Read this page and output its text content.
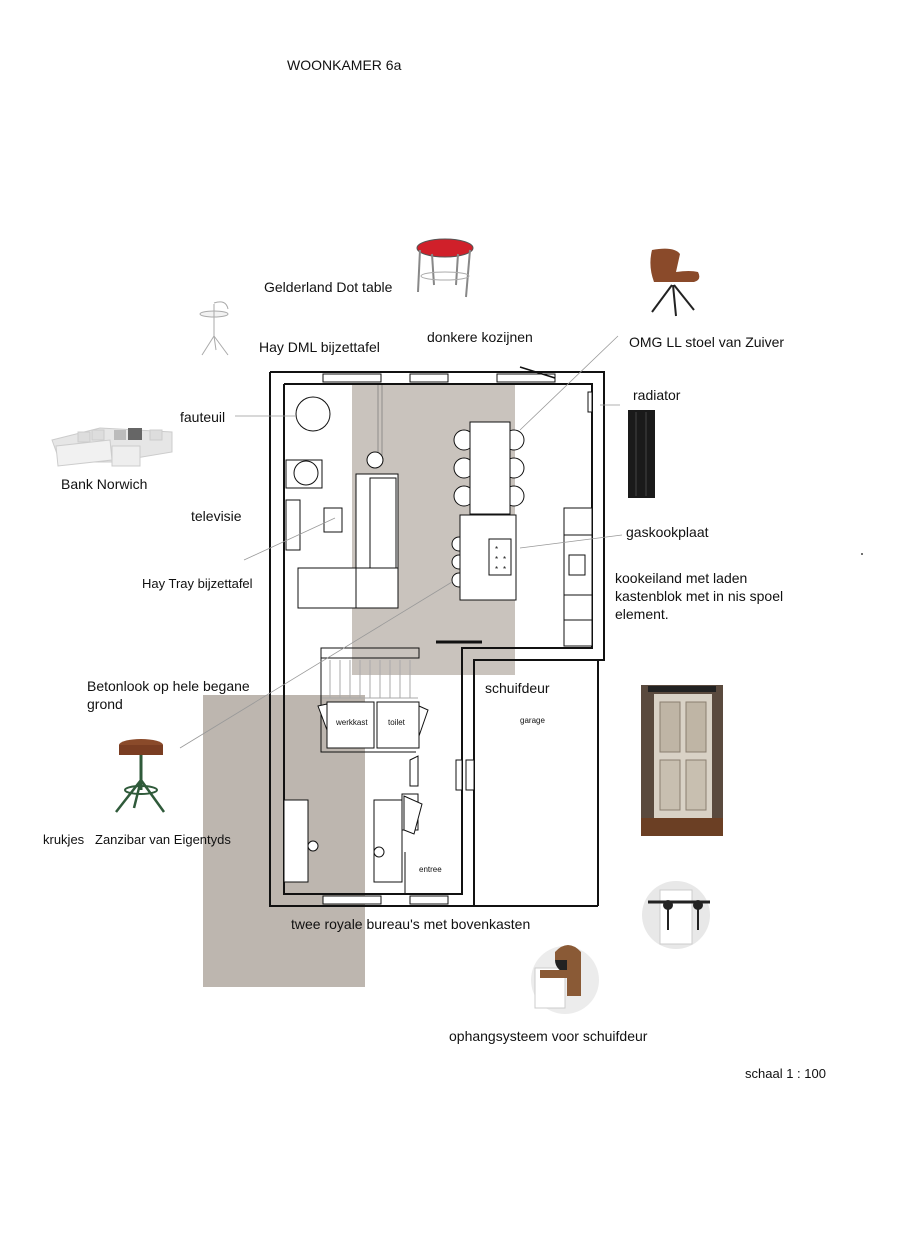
WOONKAMER 6a
*
* *
* *
Gelderland Dot table
Hay DML bijzettafel
donkere kozijnen	OMG LL stoel van Zuiver
radiator
fauteuil
Bank Norwich
televisie
Hay Tray bijzettafel
gaskookplaat
kookeiland met laden
kastenblok met in nis spoel
element.
Betonlook op hele begane
grond
schuifdeur
krukjes   Zanzibar van Eigentyds
twee royale bureau's met bovenkasten
ophangsysteem voor schuifdeur
schaal 1 : 100
werkkast	toilet	garage
entree
